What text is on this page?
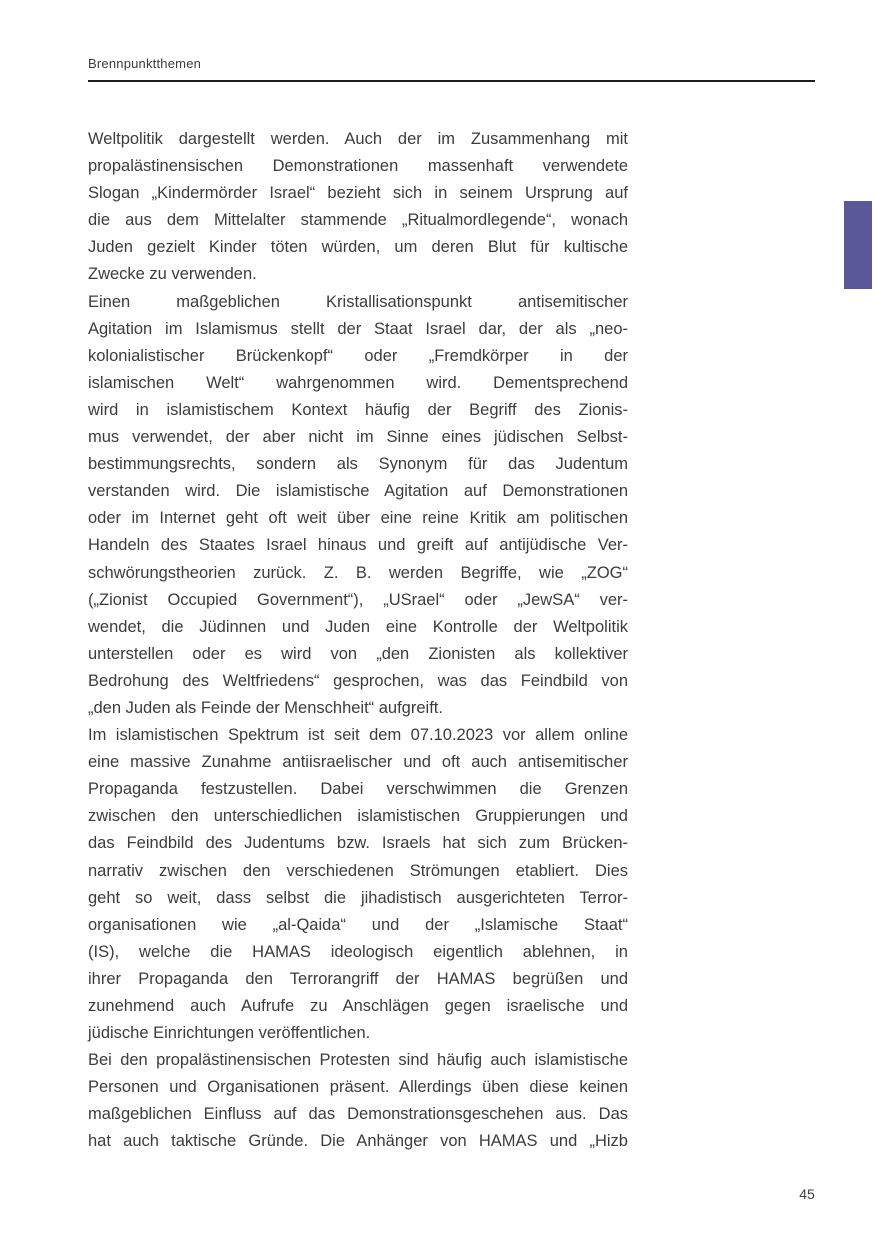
Brennpunktthemen
Weltpolitik dargestellt werden. Auch der im Zusammenhang mit
propalästinensischen Demonstrationen massenhaft verwendete
Slogan „Kindermörder Israel“ bezieht sich in seinem Ursprung auf
die aus dem Mittelalter stammende „Ritualmordlegende“, wonach
Juden gezielt Kinder töten würden, um deren Blut für kultische
Zwecke zu verwenden.
Einen maßgeblichen Kristallisationspunkt antisemitischer
Agitation im Islamismus stellt der Staat Israel dar, der als „neo-
kolonialistischer Brückenkopf“ oder „Fremdkörper in der
islamischen Welt“ wahrgenommen wird. Dementsprechend
wird in islamistischem Kontext häufig der Begriff des Zionis-
mus verwendet, der aber nicht im Sinne eines jüdischen Selbst-
bestimmungsrechts, sondern als Synonym für das Judentum
verstanden wird. Die islamistische Agitation auf Demonstrationen
oder im Internet geht oft weit über eine reine Kritik am politischen
Handeln des Staates Israel hinaus und greift auf antijüdische Ver-
schwörungstheorien zurück. Z. B. werden Begriffe, wie „ZOG“
(„Zionist Occupied Government“), „USrael“ oder „JewSA“ ver-
wendet, die Jüdinnen und Juden eine Kontrolle der Weltpolitik
unterstellen oder es wird von „den Zionisten als kollektiver
Bedrohung des Weltfriedens“ gesprochen, was das Feindbild von
„den Juden als Feinde der Menschheit“ aufgreift.
Im islamistischen Spektrum ist seit dem 07.10.2023 vor allem online
eine massive Zunahme antiisraelischer und oft auch antisemitischer
Propaganda festzustellen. Dabei verschwimmen die Grenzen
zwischen den unterschiedlichen islamistischen Gruppierungen und
das Feindbild des Judentums bzw. Israels hat sich zum Brücken-
narrativ zwischen den verschiedenen Strömungen etabliert. Dies
geht so weit, dass selbst die jihadistisch ausgerichteten Terror-
organisationen wie „al-Qaida“ und der „Islamische Staat“
(IS), welche die HAMAS ideologisch eigentlich ablehnen, in
ihrer Propaganda den Terrorangriff der HAMAS begrüßen und
zunehmend auch Aufrufe zu Anschlägen gegen israelische und
jüdische Einrichtungen veröffentlichen.
Bei den propalästinensischen Protesten sind häufig auch islamistische
Personen und Organisationen präsent. Allerdings üben diese keinen
maßgeblichen Einfluss auf das Demonstrationsgeschehen aus. Das
hat auch taktische Gründe. Die Anhänger von HAMAS und „Hizb
45
